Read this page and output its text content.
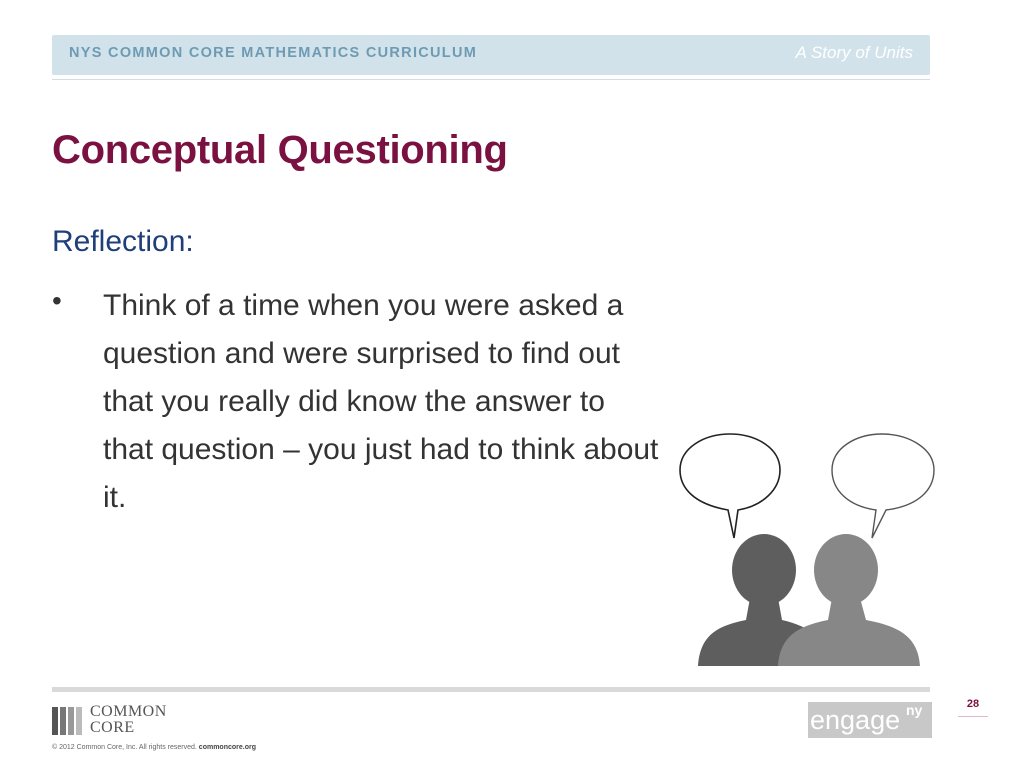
NYS COMMON CORE MATHEMATICS CURRICULUM	A Story of Units
Conceptual Questioning
Reflection:
• Think of a time when you were asked a question and were surprised to find out that you really did know the answer to that question – you just had to think about it.
COMMON
CORE
© 2012 Common Core, Inc. All rights reserved. commoncore.org
engage ny	28
